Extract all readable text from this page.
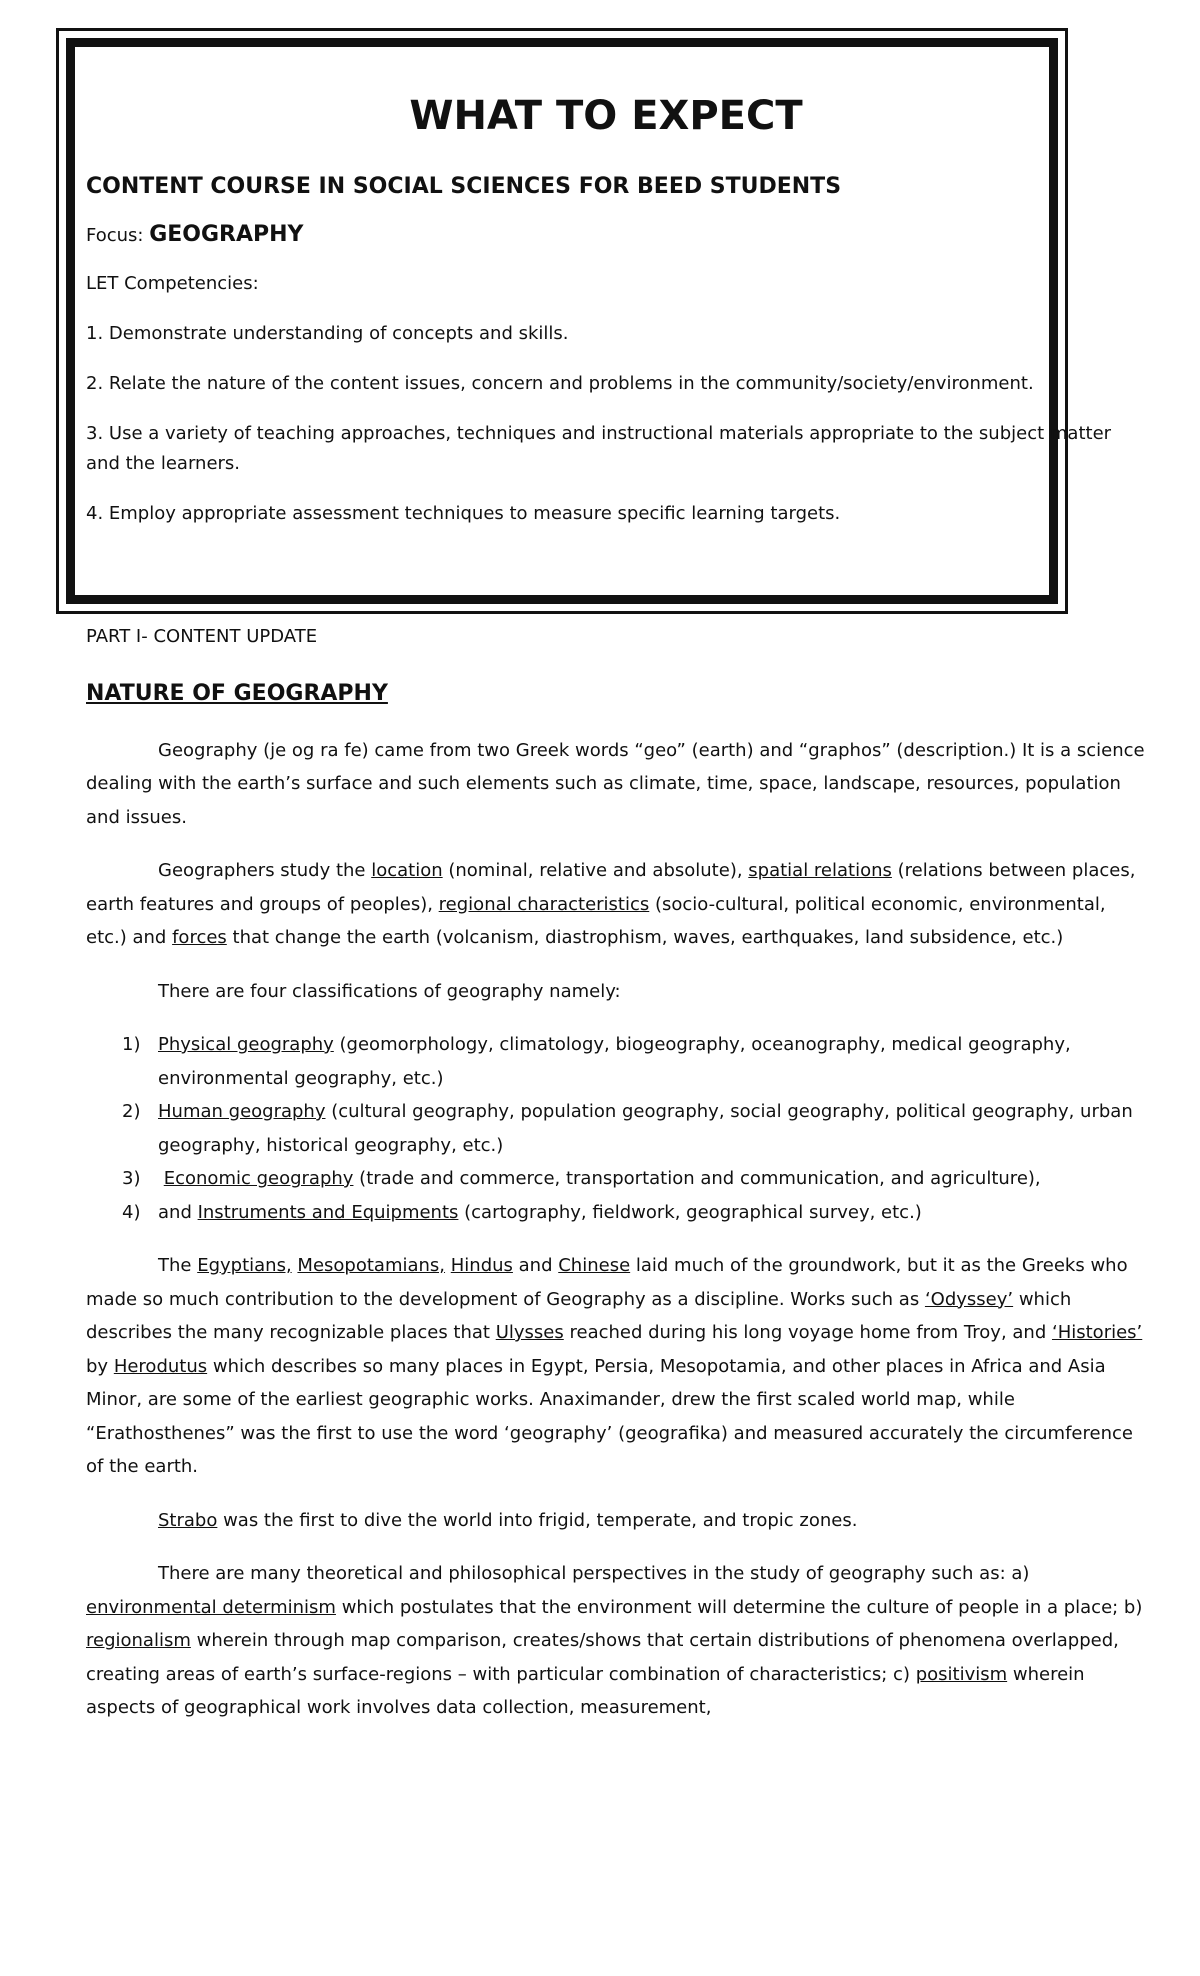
WHAT TO EXPECT
CONTENT COURSE IN SOCIAL SCIENCES FOR BEED STUDENTS
Focus: GEOGRAPHY

LET Competencies:

1. Demonstrate understanding of concepts and skills.
2. Relate the nature of the content issues, concern and problems in the community/society/environment.
3. Use a variety of teaching approaches, techniques and instructional materials appropriate to the subject matter and the learners.
4. Employ appropriate assessment techniques to measure specific learning targets.

PART I- CONTENT UPDATE

NATURE OF GEOGRAPHY

Geography (je og ra fe) came from two Greek words “geo” (earth) and “graphos” (description.) It is a science dealing with the earth’s surface and such elements such as climate, time, space, landscape, resources, population and issues.

Geographers study the location (nominal, relative and absolute), spatial relations (relations between places, earth features and groups of peoples), regional characteristics (socio-cultural, political economic, environmental, etc.) and forces that change the earth (volcanism, diastrophism, waves, earthquakes, land subsidence, etc.)

There are four classifications of geography namely:

1) Physical geography (geomorphology, climatology, biogeography, oceanography, medical geography, environmental geography, etc.)
2) Human geography (cultural geography, population geography, social geography, political geography, urban geography, historical geography, etc.)
3) Economic geography (trade and commerce, transportation and communication, and agriculture),
4) and Instruments and Equipments (cartography, fieldwork, geographical survey, etc.)

The Egyptians, Mesopotamians, Hindus and Chinese laid much of the groundwork, but it as the Greeks who made so much contribution to the development of Geography as a discipline. Works such as ‘Odyssey’ which describes the many recognizable places that Ulysses reached during his long voyage home from Troy, and ‘Histories’ by Herodutus which describes so many places in Egypt, Persia, Mesopotamia, and other places in Africa and Asia Minor, are some of the earliest geographic works. Anaximander, drew the first scaled world map, while “Erathosthenes” was the first to use the word ‘geography’ (geografika) and measured accurately the circumference of the earth.

Strabo was the first to dive the world into frigid, temperate, and tropic zones.

There are many theoretical and philosophical perspectives in the study of geography such as: a) environmental determinism which postulates that the environment will determine the culture of people in a place; b) regionalism wherein through map comparison, creates/shows that certain distributions of phenomena overlapped, creating areas of earth’s surface-regions – with particular combination of characteristics; c) positivism wherein aspects of geographical work involves data collection, measurement,
